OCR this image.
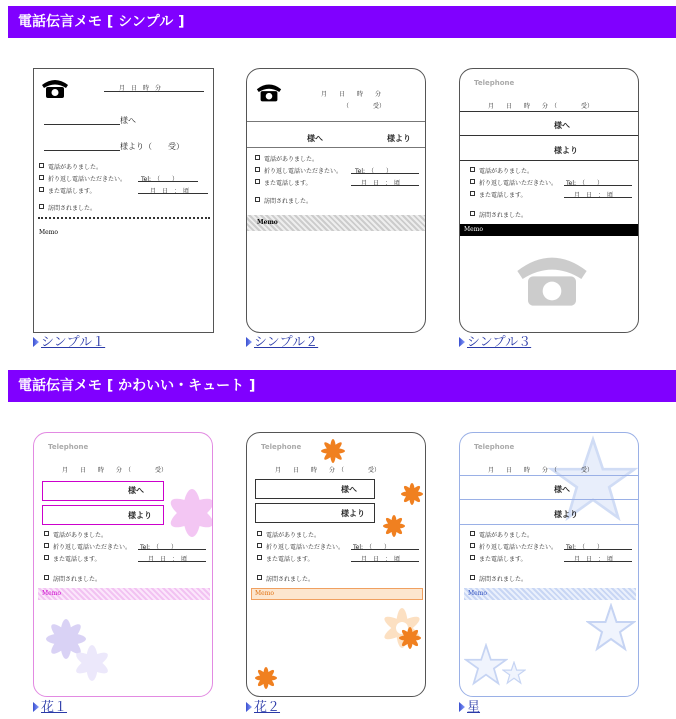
電話伝言メモ [ シンプル ]
月　日　時　分
様へ
様より（　　受）
電話がありました。
折り返し電話いただきたい。 Tel:　（　　）
また電話します。	月　日　：　頃
訪問されました。
Memo
シンプル１
月　　日　　時　　分
（　　　　受）
様へ	様より
電話がありました。
折り返し電話いただきたい。 Tel:　（　　）
また電話します。	月　日　：　頃
訪問されました。
Memo
シンプル２
Telephone
月　　日　　時　　分　（　　　　受）
様へ
様より
電話がありました。
折り返し電話いただきたい。 Tel:　（　　）
また電話します。	月　日　：　頃
訪問されました。
Memo
シンプル３
電話伝言メモ [ かわいい・キュート ]
Telephone
月　　日　　時　　分　（　　　　受）
様へ
様より
電話がありました。
折り返し電話いただきたい。 Tel:　（　　）
また電話します。	月　日　：　頃
訪問されました。
Memo
花１
Telephone
月　　日　　時　　分　（　　　　受）
様へ
様より
電話がありました。
折り返し電話いただきたい。 Tel:　（　　）
また電話します。	月　日　：　頃
訪問されました。
Memo
花２
Telephone
月　　日　　時　　分　（　　　　受）
様へ
様より
電話がありました。
折り返し電話いただきたい。 Tel:　（　　）
また電話します。	月　日　：　頃
訪問されました。
Memo
星
